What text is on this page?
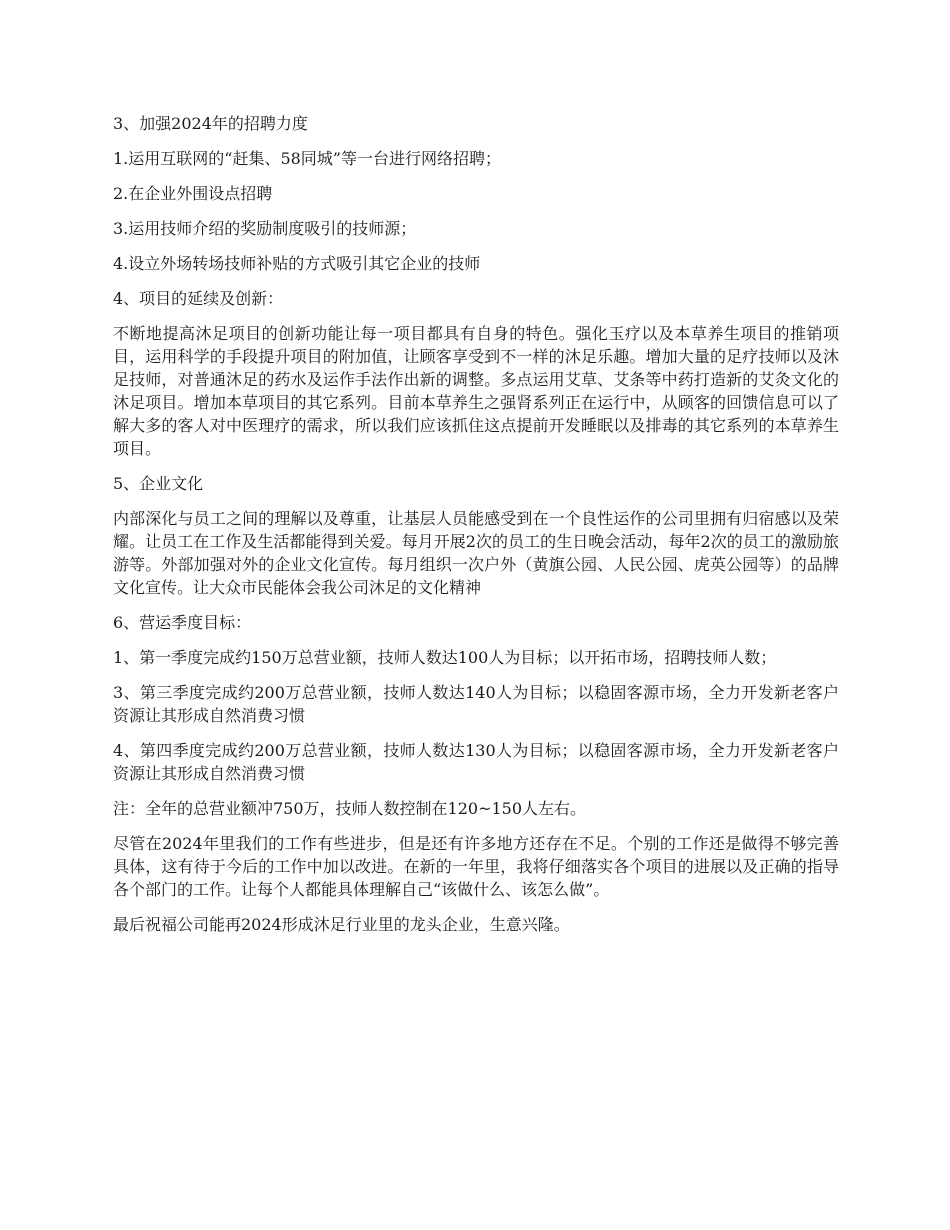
3、加强2024年的招聘力度

1.运用互联网的“赶集、58同城”等一台进行网络招聘；

2.在企业外围设点招聘

3.运用技师介绍的奖励制度吸引的技师源；

4.设立外场转场技师补贴的方式吸引其它企业的技师

4、项目的延续及创新：

不断地提高沐足项目的创新功能让每一项目都具有自身的特色。强化玉疗以及本草养生项目的推销项目，运用科学的手段提升项目的附加值，让顾客享受到不一样的沐足乐趣。增加大量的足疗技师以及沐足技师，对普通沐足的药水及运作手法作出新的调整。多点运用艾草、艾条等中药打造新的艾灸文化的沐足项目。增加本草项目的其它系列。目前本草养生之强肾系列正在运行中，从顾客的回馈信息可以了解大多的客人对中医理疗的需求，所以我们应该抓住这点提前开发睡眠以及排毒的其它系列的本草养生项目。

5、企业文化

内部深化与员工之间的理解以及尊重，让基层人员能感受到在一个良性运作的公司里拥有归宿感以及荣耀。让员工在工作及生活都能得到关爱。每月开展2次的员工的生日晚会活动，每年2次的员工的激励旅游等。外部加强对外的企业文化宣传。每月组织一次户外（黄旗公园、人民公园、虎英公园等）的品牌文化宣传。让大众市民能体会我公司沐足的文化精神

6、营运季度目标：

1、第一季度完成约150万总营业额，技师人数达100人为目标；以开拓市场，招聘技师人数；

3、第三季度完成约200万总营业额，技师人数达140人为目标；以稳固客源市场，全力开发新老客户资源让其形成自然消费习惯

4、第四季度完成约200万总营业额，技师人数达130人为目标；以稳固客源市场，全力开发新老客户资源让其形成自然消费习惯

注：全年的总营业额冲750万，技师人数控制在120~150人左右。

尽管在2024年里我们的工作有些进步，但是还有许多地方还存在不足。个别的工作还是做得不够完善具体，这有待于今后的工作中加以改进。在新的一年里，我将仔细落实各个项目的进展以及正确的指导各个部门的工作。让每个人都能具体理解自己“该做什么、该怎么做”。

最后祝福公司能再2024形成沐足行业里的龙头企业，生意兴隆。
